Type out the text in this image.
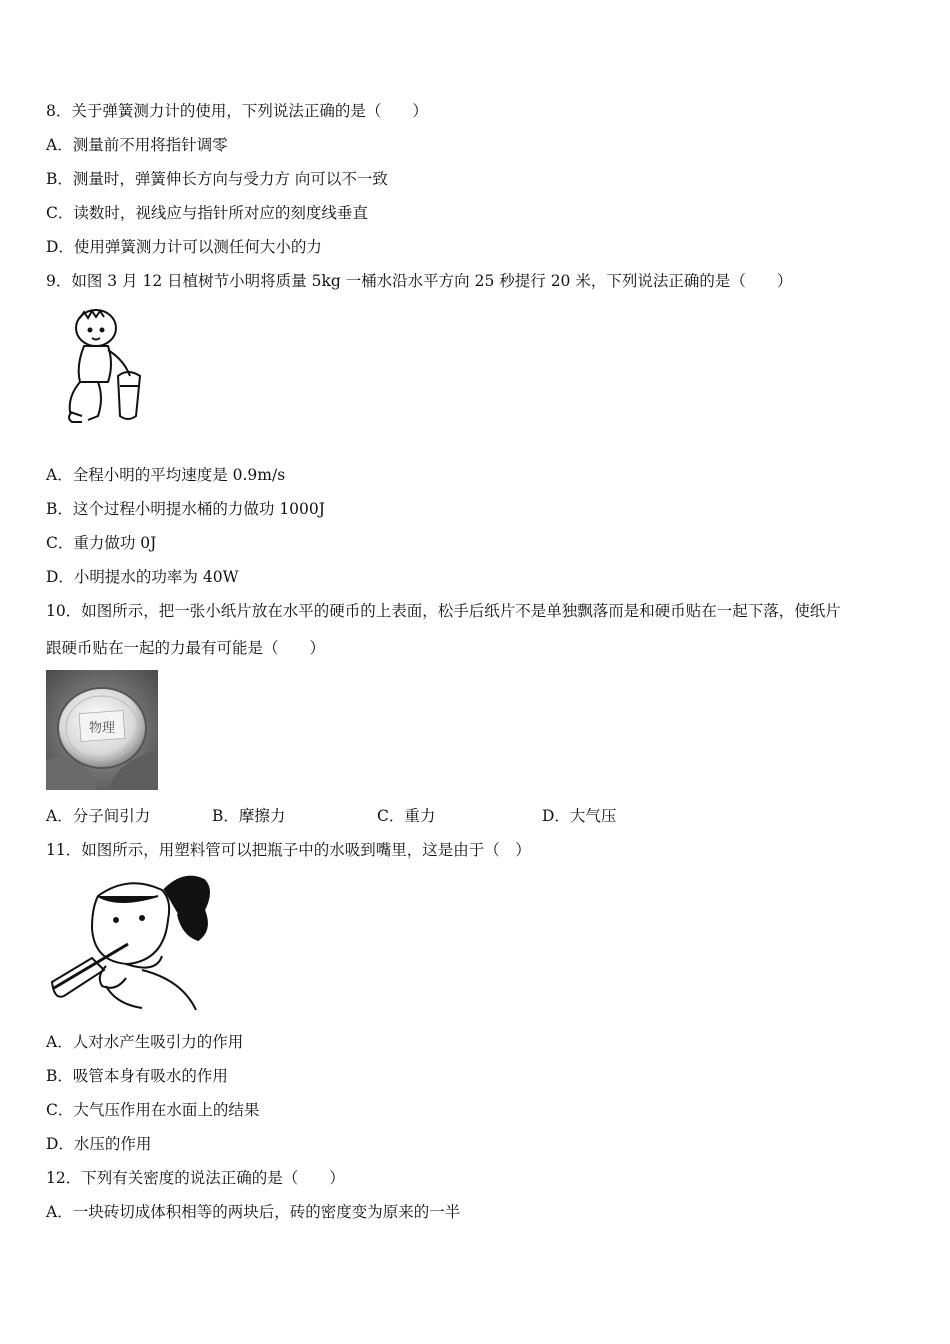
8．关于弹簧测力计的使用，下列说法正确的是（　　）
A．测量前不用将指针调零
B．测量时，弹簧伸长方向与受力方 向可以不一致
C．读数时，视线应与指针所对应的刻度线垂直
D．使用弹簧测力计可以测任何大小的力
9．如图 3 月 12 日植树节小明将质量 5kg 一桶水沿水平方向 25 秒提行 20 米，下列说法正确的是（　　）
A．全程小明的平均速度是 0.9m/s
B．这个过程小明提水桶的力做功 1000J
C．重力做功 0J
D．小明提水的功率为 40W
10．如图所示，把一张小纸片放在水平的硬币的上表面，松手后纸片不是单独飘落而是和硬币贴在一起下落，使纸片
跟硬币贴在一起的力最有可能是（　　）
物理
A．分子间引力	B．摩擦力	C．重力	D．大气压
11．如图所示，用塑料管可以把瓶子中的水吸到嘴里，这是由于（　）
A．人对水产生吸引力的作用
B．吸管本身有吸水的作用
C．大气压作用在水面上的结果
D．水压的作用
12．下列有关密度的说法正确的是（　　）
A．一块砖切成体积相等的两块后，砖的密度变为原来的一半
